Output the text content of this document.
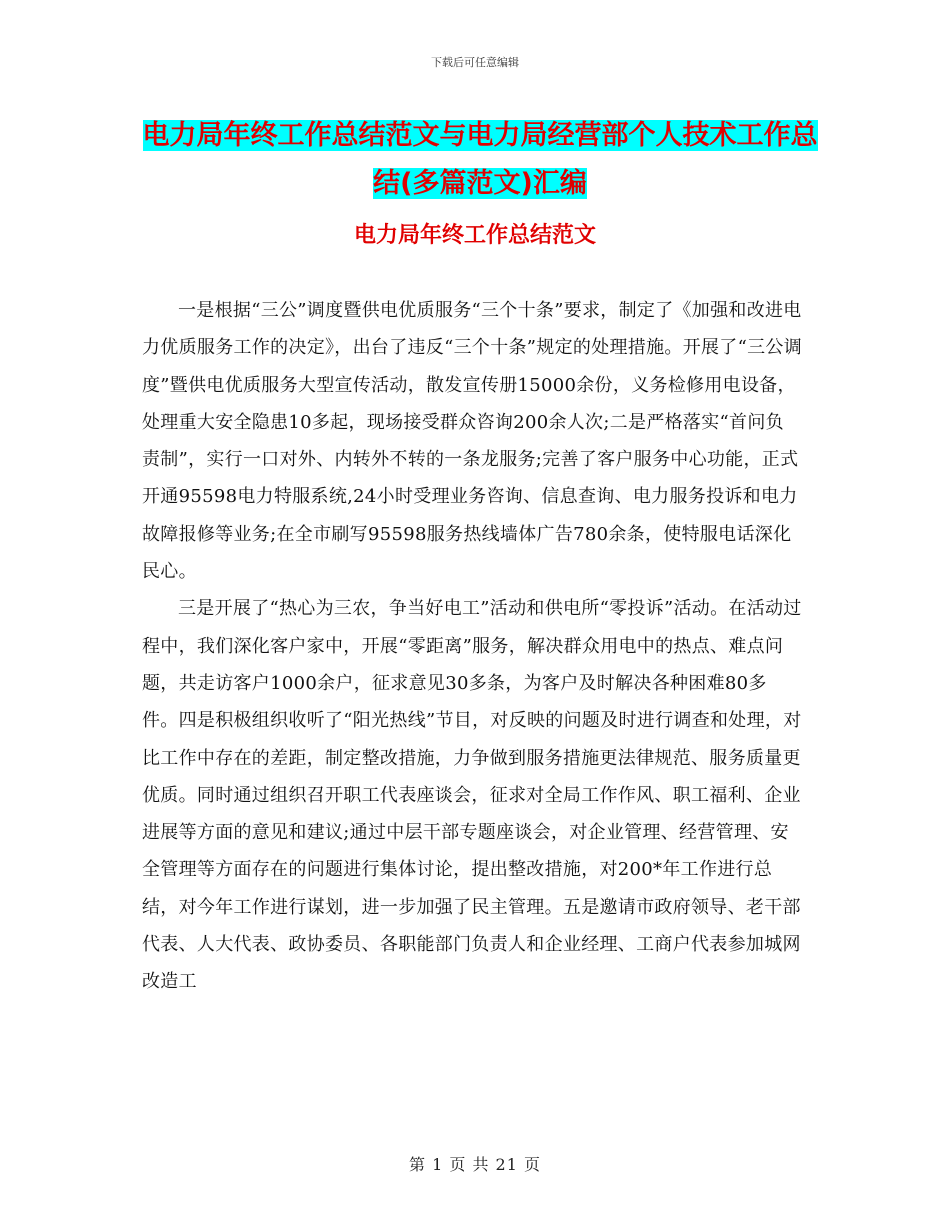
下载后可任意编辑
电力局年终工作总结范文与电力局经营部个人技术工作总结(多篇范文)汇编
电力局年终工作总结范文

一是根据“三公”调度暨供电优质服务“三个十条”要求，制定了《加强和改进电力优质服务工作的决定》，出台了违反“三个十条”规定的处理措施。开展了“三公调度”暨供电优质服务大型宣传活动，散发宣传册15000余份，义务检修用电设备，处理重大安全隐患10多起，现场接受群众咨询200余人次;二是严格落实“首问负责制”，实行一口对外、内转外不转的一条龙服务;完善了客户服务中心功能，正式开通95598电力特服系统,24小时受理业务咨询、信息查询、电力服务投诉和电力故障报修等业务;在全市刷写95598服务热线墙体广告780余条，使特服电话深化民心。

三是开展了“热心为三农，争当好电工”活动和供电所“零投诉”活动。在活动过程中，我们深化客户家中，开展“零距离”服务，解决群众用电中的热点、难点问题，共走访客户1000余户，征求意见30多条，为客户及时解决各种困难80多件。四是积极组织收听了“阳光热线”节目，对反映的问题及时进行调查和处理，对比工作中存在的差距，制定整改措施，力争做到服务措施更法律规范、服务质量更优质。同时通过组织召开职工代表座谈会，征求对全局工作作风、职工福利、企业进展等方面的意见和建议;通过中层干部专题座谈会，对企业管理、经营管理、安全管理等方面存在的问题进行集体讨论，提出整改措施，对200*年工作进行总结，对今年工作进行谋划，进一步加强了民主管理。五是邀请市政府领导、老干部代表、人大代表、政协委员、各职能部门负责人和企业经理、工商户代表参加城网改造工

第 1 页 共 21 页
